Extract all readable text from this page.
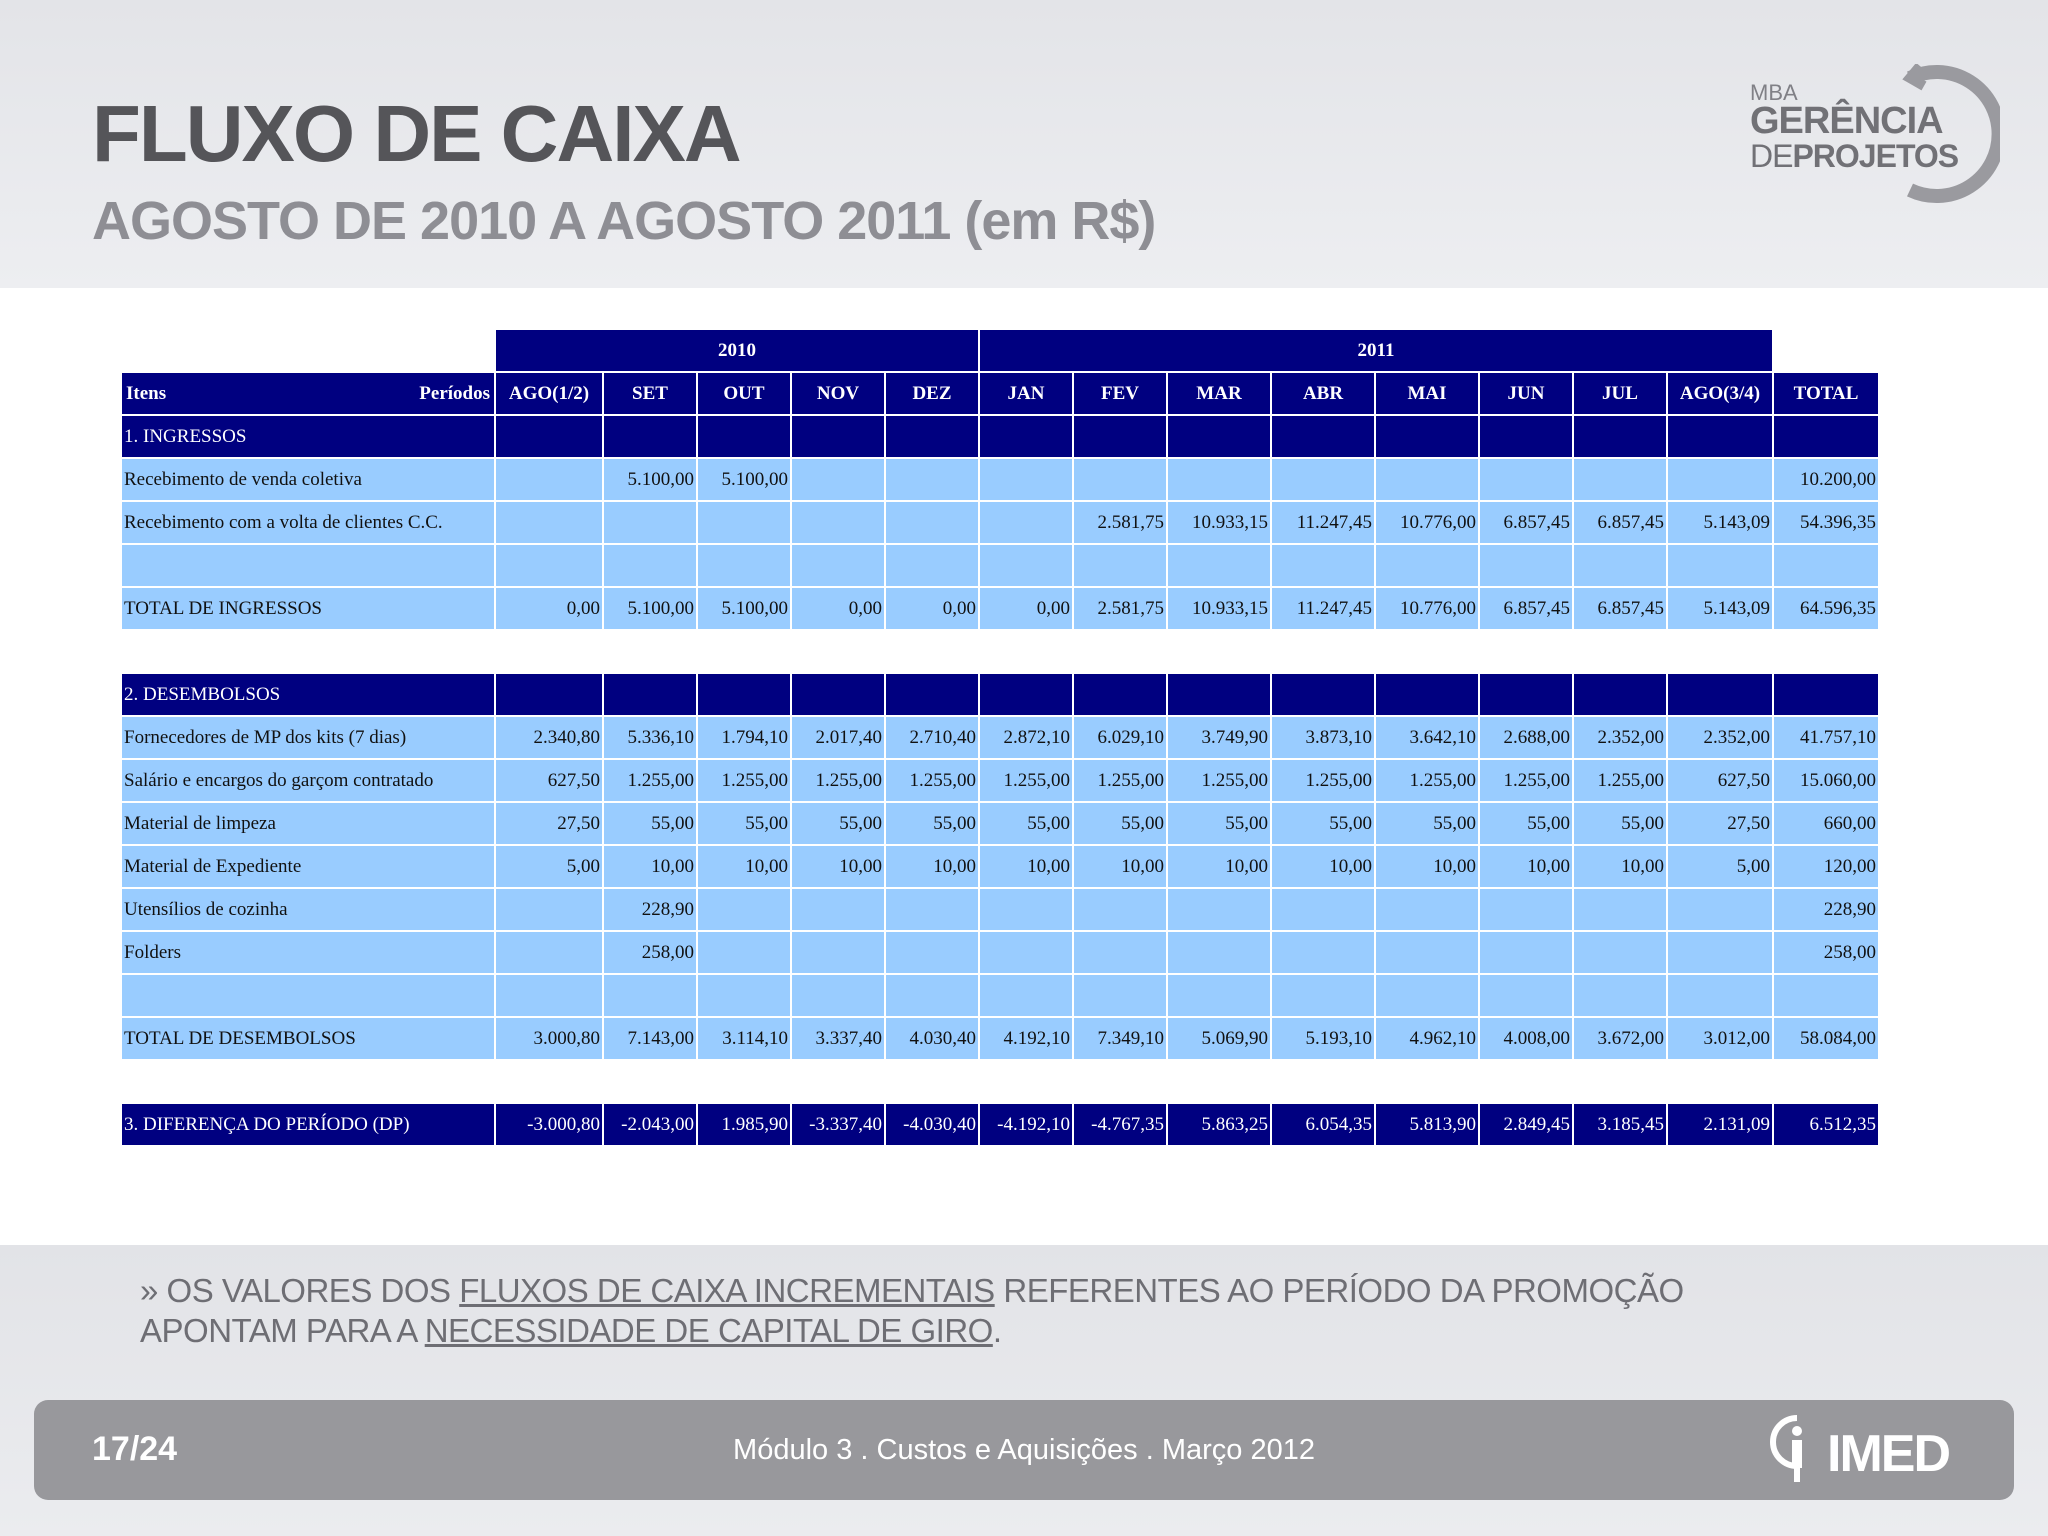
FLUXO DE CAIXA
AGOSTO DE 2010 A AGOSTO 2011 (em R$)
MBA
GERÊNCIA
DEPROJETOS
	2010					2011								

Itens Períodos	AGO(1/2)	SET	OUT	NOV	DEZ	JAN	FEV	MAR	ABR	MAI	JUN	JUL	AGO(3/4)	TOTAL
1. INGRESSOS														
Recebimento de venda coletiva		5.100,00	5.100,00											10.200,00
Recebimento com a volta de clientes C.C.							2.581,75	10.933,15	11.247,45	10.776,00	6.857,45	6.857,45	5.143,09	54.396,35

TOTAL DE INGRESSOS	0,00	5.100,00	5.100,00	0,00	0,00	0,00	2.581,75	10.933,15	11.247,45	10.776,00	6.857,45	6.857,45	5.143,09	64.596,35

2. DESEMBOLSOS														
Fornecedores de MP dos kits (7 dias)	2.340,80	5.336,10	1.794,10	2.017,40	2.710,40	2.872,10	6.029,10	3.749,90	3.873,10	3.642,10	2.688,00	2.352,00	2.352,00	41.757,10
Salário e encargos do garçom contratado	627,50	1.255,00	1.255,00	1.255,00	1.255,00	1.255,00	1.255,00	1.255,00	1.255,00	1.255,00	1.255,00	1.255,00	627,50	15.060,00
Material de limpeza	27,50	55,00	55,00	55,00	55,00	55,00	55,00	55,00	55,00	55,00	55,00	55,00	27,50	660,00
Material de Expediente	5,00	10,00	10,00	10,00	10,00	10,00	10,00	10,00	10,00	10,00	10,00	10,00	5,00	120,00
Utensílios de cozinha		228,90												228,90
Folders		258,00												258,00

TOTAL DE DESEMBOLSOS	3.000,80	7.143,00	3.114,10	3.337,40	4.030,40	4.192,10	7.349,10	5.069,90	5.193,10	4.962,10	4.008,00	3.672,00	3.012,00	58.084,00

3. DIFERENÇA DO PERÍODO (DP)	-3.000,80	-2.043,00	1.985,90	-3.337,40	-4.030,40	-4.192,10	-4.767,35	5.863,25	6.054,35	5.813,90	2.849,45	3.185,45	2.131,09	6.512,35
» OS VALORES DOS FLUXOS DE CAIXA INCREMENTAIS REFERENTES AO PERÍODO DA PROMOÇÃO APONTAM PARA A NECESSIDADE DE CAPITAL DE GIRO.
17/24	Módulo 3 . Custos e Aquisições . Março 2012	IMED
